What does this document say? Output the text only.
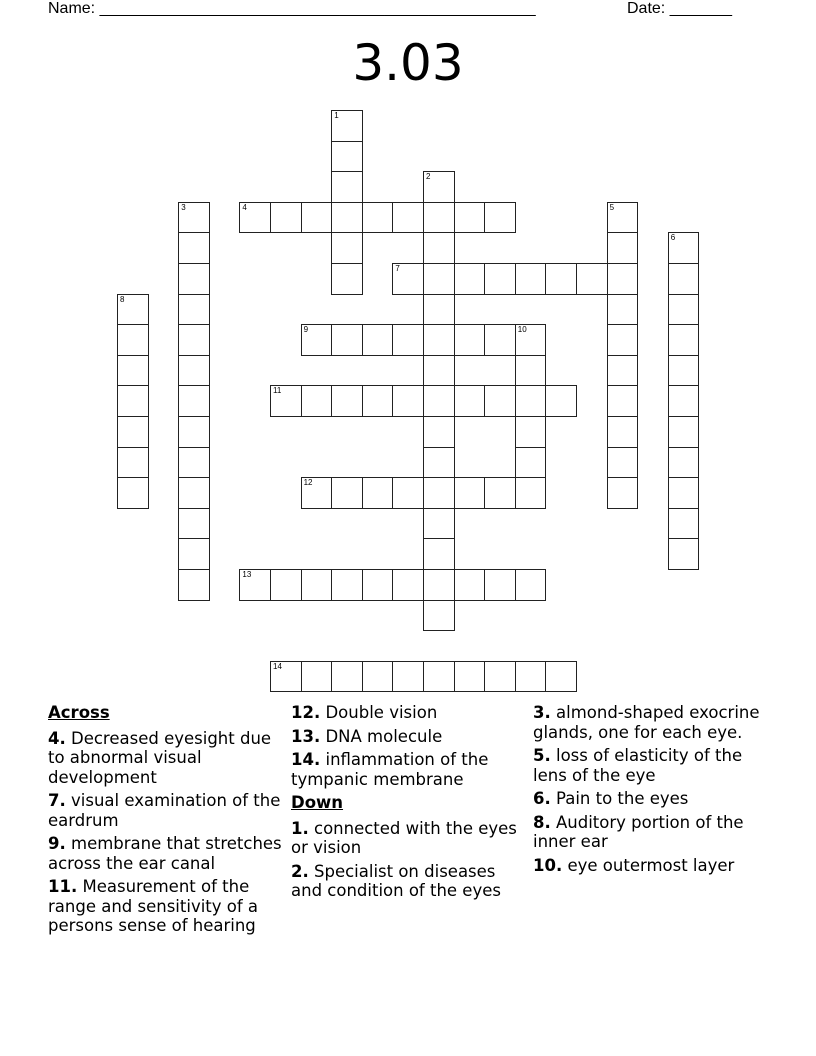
Name: _________________________________________________	Date: _______
3.03
1
2
3	4	5
6
7
8
9	10
11
12
13
14
Across
4. Decreased eyesight due to abnormal visual development
7. visual examination of the eardrum
9. membrane that stretches across the ear canal
11. Measurement of the range and sensitivity of a persons sense of hearing
12. Double vision
13. DNA molecule
14. inflammation of the tympanic membrane
Down
1. connected with the eyes or vision
2. Specialist on diseases and condition of the eyes
3. almond-shaped exocrine glands, one for each eye.
5. loss of elasticity of the lens of the eye
6. Pain to the eyes
8. Auditory portion of the inner ear
10. eye outermost layer
